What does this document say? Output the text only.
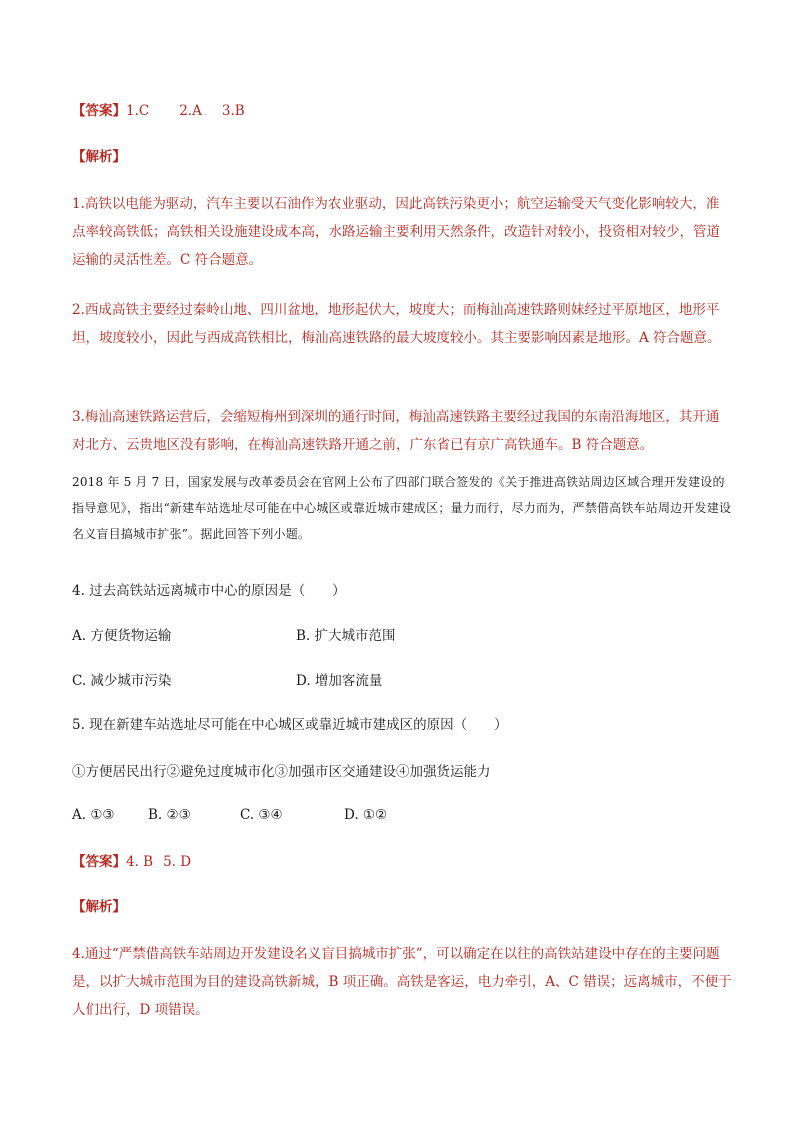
【答案】1.C 2.A 3.B

【解析】

1.高铁以电能为驱动，汽车主要以石油作为农业驱动，因此高铁污染更小；航空运输受天气变化影响较大，准点率较高铁低；高铁相关设施建设成本高，水路运输主要利用天然条件，改造针对较小，投资相对较少，管道运输的灵活性差。C 符合题意。

2.西成高铁主要经过秦岭山地、四川盆地，地形起伏大，坡度大；而梅汕高速铁路则妹经过平原地区，地形平坦，坡度较小，因此与西成高铁相比，梅汕高速铁路的最大坡度较小。其主要影响因素是地形。A 符合题意。

3.梅汕高速铁路运营后，会缩短梅州到深圳的通行时间，梅汕高速铁路主要经过我国的东南沿海地区，其开通对北方、云贵地区没有影响，在梅汕高速铁路开通之前，广东省已有京广高铁通车。B 符合题意。

2018 年 5 月 7 日，国家发展与改革委员会在官网上公布了四部门联合签发的《关于推进高铁站周边区域合理开发建设的指导意见》，指出“新建车站选址尽可能在中心城区或靠近城市建成区；量力而行，尽力而为，严禁借高铁车站周边开发建设名义盲目搞城市扩张”。据此回答下列小题。

4. 过去高铁站远离城市中心的原因是（　　）

A. 方便货物运输	B. 扩大城市范围
C. 减少城市污染	D. 增加客流量

5. 现在新建车站选址尽可能在中心城区或靠近城市建成区的原因（　　）

①方便居民出行②避免过度城市化③加强市区交通建设④加强货运能力

A. ①③ B. ②③	C. ③④	D. ①②

【答案】4. B 5. D

【解析】

4.通过“严禁借高铁车站周边开发建设名义盲目搞城市扩张”，可以确定在以往的高铁站建设中存在的主要问题是，以扩大城市范围为目的建设高铁新城，B 项正确。高铁是客运，电力牵引，A、C 错误；远离城市，不便于人们出行，D 项错误。
